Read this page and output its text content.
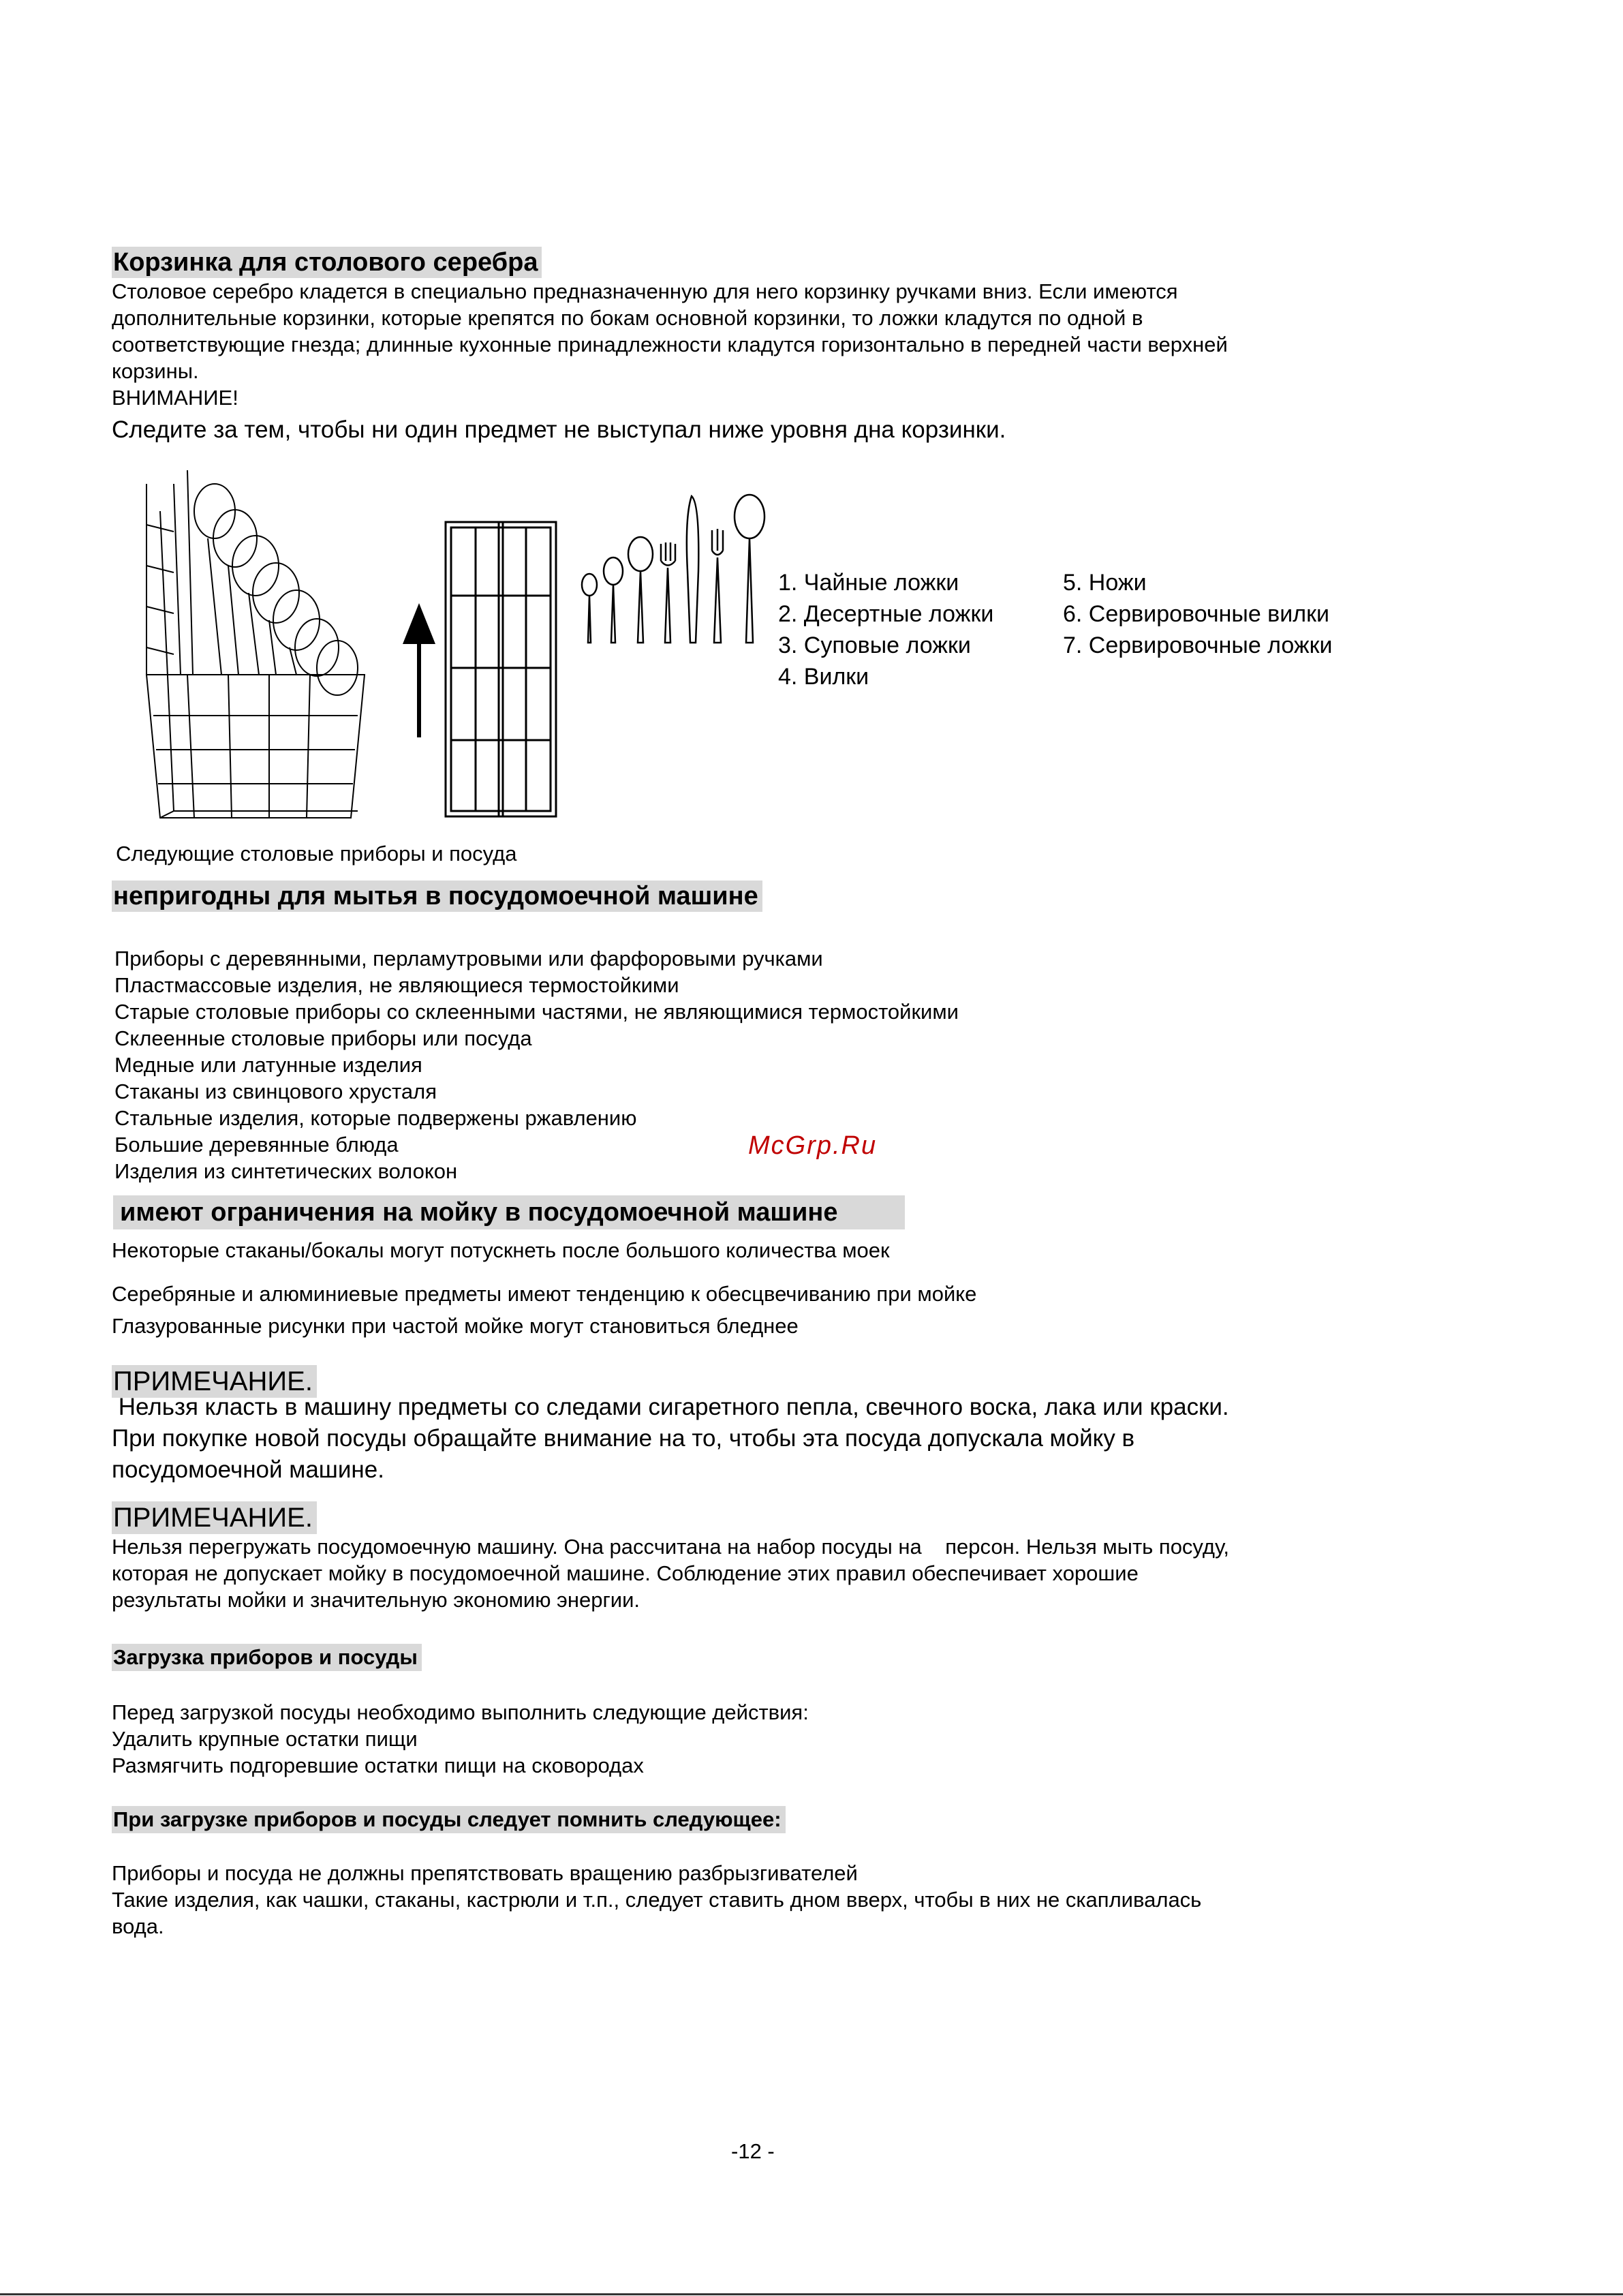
Корзинка для столового серебра

Столовое серебро кладется в специально предназначенную для него корзинку ручками вниз. Если имеются

дополнительные корзинки, которые крепятся по бокам основной корзинки, то ложки кладутся по одной в

соответствующие гнезда; длинные кухонные принадлежности кладутся горизонтально в передней части верхней

корзины.

ВНИМАНИЕ!

Следите за тем, чтобы ни один предмет не выступал ниже уровня дна корзинки.

1. Чайные ложки

2. Десертные ложки

3. Суповые ложки

4. Вилки

5. Ножи

6. Сервировочные вилки

7. Сервировочные ложки

Следующие столовые приборы и посуда
непригодны для мытья в посудомоечной машине

Приборы с деревянными, перламутровыми или фарфоровыми ручками

Пластмассовые изделия, не являющиеся термостойкими

Старые столовые приборы со склеенными частями, не являющимися термостойкими

Склеенные столовые приборы или посуда

Медные или латунные изделия

Стаканы из свинцового хрусталя

Стальные изделия, которые подвержены ржавлению

Большие деревянные блюда

Изделия из синтетических волокон

McGrp.Ru
имеют ограничения на мойку в посудомоечной машине
Некоторые стаканы/бокалы могут потускнеть после большого количества моек
Серебряные и алюминиевые предметы имеют тенденцию к обесцвечиванию при мойке
Глазурованные рисунки при частой мойке могут становиться бледнее
ПРИМЕЧАНИЕ.

Нельзя класть в машину предметы со следами сигаретного пепла, свечного воска, лака или краски.

При покупке новой посуды обращайте внимание на то, чтобы эта посуда допускала мойку в

посудомоечной машине.

ПРИМЕЧАНИЕ.

Нельзя перегружать посудомоечную машину. Она рассчитана на набор посуды на    персон. Нельзя мыть посуду,

которая не допускает мойку в посудомоечной машине. Соблюдение этих правил обеспечивает хорошие

результаты мойки и значительную экономию энергии.

Загрузка приборов и посуды

Перед загрузкой посуды необходимо выполнить следующие действия:

Удалить крупные остатки пищи

Размягчить подгоревшие остатки пищи на сковородах

При загрузке приборов и посуды следует помнить следующее:

Приборы и посуда не должны препятствовать вращению разбрызгивателей

Такие изделия, как чашки, стаканы, кастрюли и т.п., следует ставить дном вверх, чтобы в них не скапливалась

вода.

-12 -
